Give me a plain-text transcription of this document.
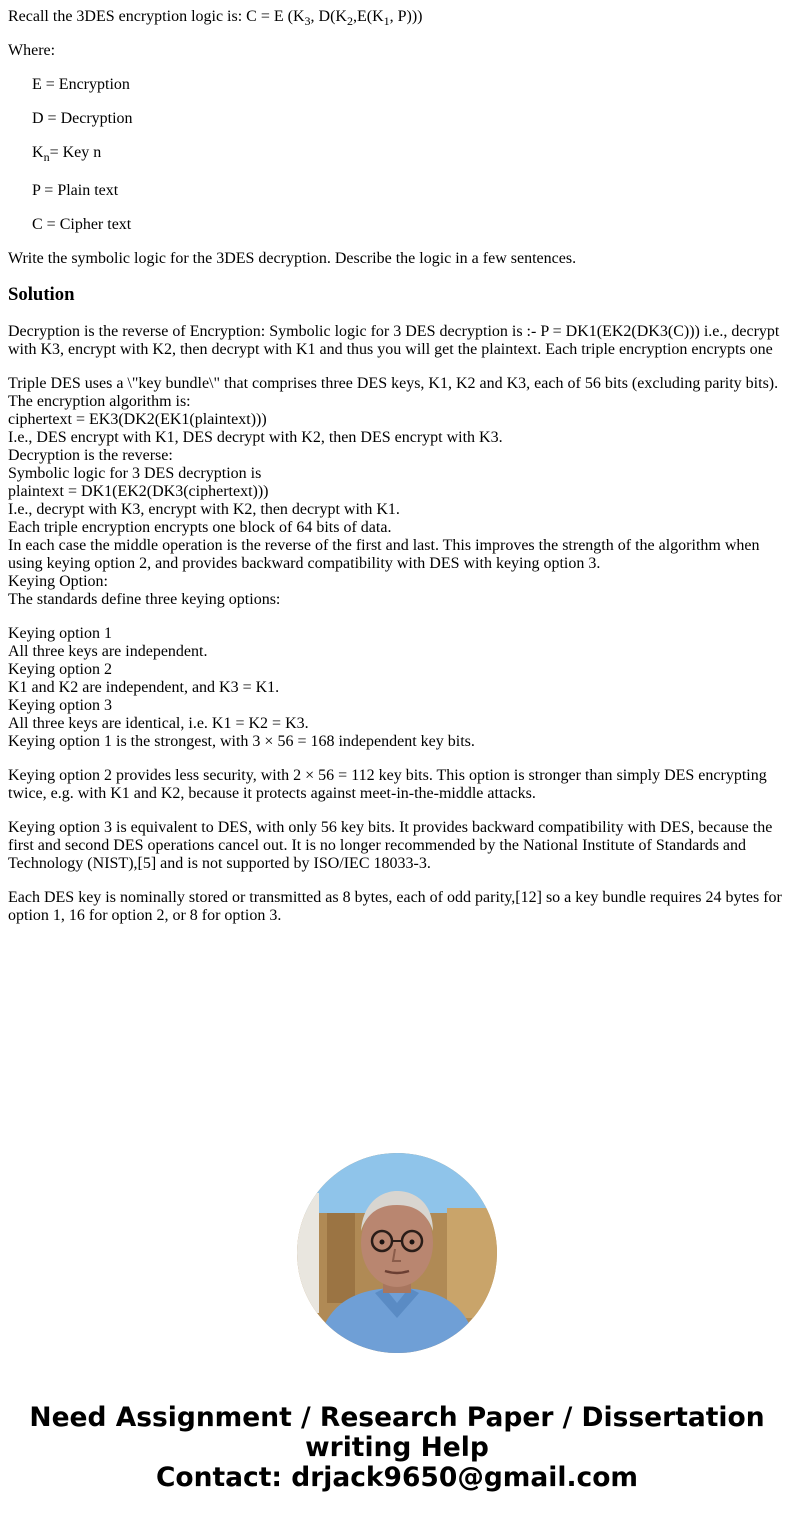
Recall the 3DES encryption logic is: C = E ($K_3$, $D(K_2,E(K_1$, P)))

Where:

E = Encryption

D = Decryption

$K_n=$ Key n

P = Plain text

C = Cipher text

Write the symbolic logic for the 3DES decryption. Describe the logic in a few sentences.

Solution

Decryption is the reverse of Encryption: Symbolic logic for 3 DES decryption is :- P = DK1(EK2(DK3(C))) i.e., decrypt with K3, encrypt with K2, then decrypt with K1 and thus you will get the plaintext. Each triple encryption encrypts one

Triple DES uses a \"key bundle\" that comprises three DES keys, K1, K2 and K3, each of 56 bits (excluding parity bits).
The encryption algorithm is:
ciphertext = EK3(DK2(EK1(plaintext)))
I.e., DES encrypt with K1, DES decrypt with K2, then DES encrypt with K3.
Decryption is the reverse:
Symbolic logic for 3 DES decryption is
plaintext = DK1(EK2(DK3(ciphertext)))
I.e., decrypt with K3, encrypt with K2, then decrypt with K1.
Each triple encryption encrypts one block of 64 bits of data.
In each case the middle operation is the reverse of the first and last. This improves the strength of the algorithm when using keying option 2, and provides backward compatibility with DES with keying option 3.
Keying Option:
The standards define three keying options:
Keying option 1
All three keys are independent.
Keying option 2
K1 and K2 are independent, and K3 = K1.
Keying option 3
All three keys are identical, i.e. K1 = K2 = K3.
Keying option 1 is the strongest, with 3 × 56 = 168 independent key bits.

Keying option 2 provides less security, with 2 × 56 = 112 key bits. This option is stronger than simply DES encrypting twice, e.g. with K1 and K2, because it protects against meet-in-the-middle attacks.

Keying option 3 is equivalent to DES, with only 56 key bits. It provides backward compatibility with DES, because the first and second DES operations cancel out. It is no longer recommended by the National Institute of Standards and Technology (NIST),[5] and is not supported by ISO/IEC 18033-3.

Each DES key is nominally stored or transmitted as 8 bytes, each of odd parity,[12] so a key bundle requires 24 bytes for option 1, 16 for option 2, or 8 for option 3.

Need Assignment / Research Paper / Dissertation
writing Help
Contact: drjack9650@gmail.com
